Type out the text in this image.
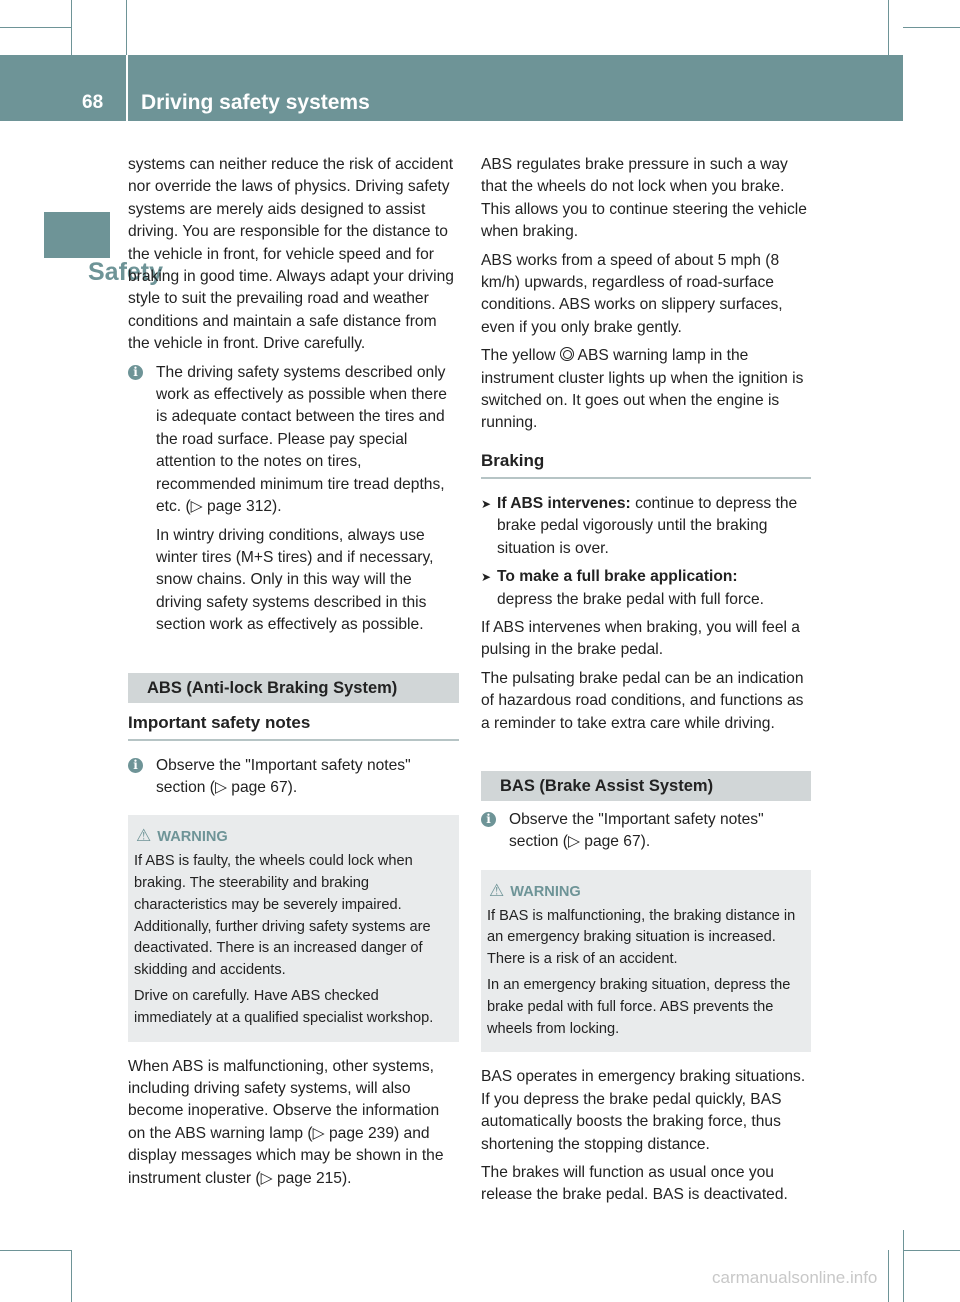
68 Driving safety systems
Safety

systems can neither reduce the risk of accident nor override the laws of physics. Driving safety systems are merely aids designed to assist driving. You are responsible for the distance to the vehicle in front, for vehicle speed and for braking in good time. Always adapt your driving style to suit the prevailing road and weather conditions and maintain a safe distance from the vehicle in front. Drive carefully.

i	The driving safety systems described only work as effectively as possible when there is adequate contact between the tires and the road surface. Please pay special attention to the notes on tires, recommended minimum tire tread depths, etc. (▷ page 312).

In wintry driving conditions, always use winter tires (M+S tires) and if necessary, snow chains. Only in this way will the driving safety systems described in this section work as effectively as possible.

ABS (Anti-lock Braking System)
Important safety notes
i	Observe the "Important safety notes" section (▷ page 67).

⚠ WARNING

If ABS is faulty, the wheels could lock when braking. The steerability and braking characteristics may be severely impaired. Additionally, further driving safety systems are deactivated. There is an increased danger of skidding and accidents.

Drive on carefully. Have ABS checked immediately at a qualified specialist workshop.

When ABS is malfunctioning, other systems, including driving safety systems, will also become inoperative. Observe the information on the ABS warning lamp (▷ page 239) and display messages which may be shown in the instrument cluster (▷ page 215).

ABS regulates brake pressure in such a way that the wheels do not lock when you brake. This allows you to continue steering the vehicle when braking.

ABS works from a speed of about 5 mph (8 km/h) upwards, regardless of road-surface conditions. ABS works on slippery surfaces, even if you only brake gently.

The yellow ABS warning lamp in the instrument cluster lights up when the ignition is switched on. It goes out when the engine is running.

Braking
➤ If ABS intervenes: continue to depress the brake pedal vigorously until the braking situation is over.
➤ To make a full brake application:
depress the brake pedal with full force.

If ABS intervenes when braking, you will feel a pulsing in the brake pedal.

The pulsating brake pedal can be an indication of hazardous road conditions, and functions as a reminder to take extra care while driving.

BAS (Brake Assist System)
i	Observe the "Important safety notes" section (▷ page 67).

⚠ WARNING

If BAS is malfunctioning, the braking distance in an emergency braking situation is increased. There is a risk of an accident.

In an emergency braking situation, depress the brake pedal with full force. ABS prevents the wheels from locking.

BAS operates in emergency braking situations. If you depress the brake pedal quickly, BAS automatically boosts the braking force, thus shortening the stopping distance.

The brakes will function as usual once you release the brake pedal. BAS is deactivated.

carmanualsonline.info
